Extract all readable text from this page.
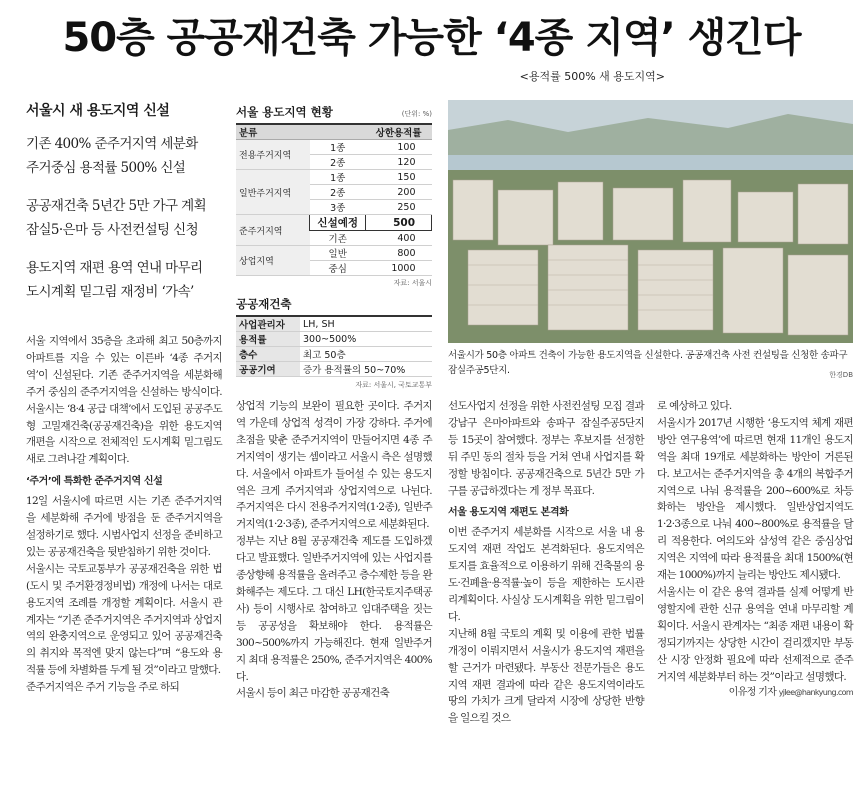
50층 공공재건축 가능한 ‘4종 지역’ 생긴다
<용적률 500% 새 용도지역>
서울시 새 용도지역 신설
기존 400% 준주거지역 세분화
주거중심 용적률 500% 신설
공공재건축 5년간 5만 가구 계획
잠실5·은마 등 사전컨설팅 신청
용도지역 재편 용역 연내 마무리
도시계획 밑그림 재정비 ‘가속’
서울 용도지역 현황	(단위: %)
분류		상한용적률
전용주거지역	1종	100
	2종	120
일반주거지역	1종	150
	2종	200
	3종	250
준주거지역	신설예정	500
	기존	400
상업지역	일반	800
	중심	1000
자료: 서울시
공공재건축
사업관리자	LH, SH
용적률	300~500%
층수	최고 50층
공공기여	증가 용적률의 50~70%
자료: 서울시, 국토교통부
서울시가 50층 아파트 건축이 가능한 용도지역을 신설한다. 공공재건축 사전 컨설팅을 신청한 송파구 잠실주공5단지.	한경DB

서울 지역에서 35층을 초과해 최고 50층까지 아파트를 지을 수 있는 이른바 ‘4종 주거지역’이 신설된다. 기존 준주거지역을 세분화해 주거 중심의 준주거지역을 신설하는 방식이다. 서울시는 ‘8·4 공급 대책’에서 도입된 공공주도형 고밀재건축(공공재건축)을 위한 용도지역 개편을 시작으로 전체적인 도시계획 밑그림도 새로 그려나갈 계획이다.

‘주거’에 특화한 준주거지역 신설

12일 서울시에 따르면 시는 기존 준주거지역을 세분화해 주거에 방점을 둔 준주거지역을 설정하기로 했다. 시범사업지 선정을 준비하고 있는 공공재건축을 뒷받침하기 위한 것이다.

서울시는 국토교통부가 공공재건축을 위한 법(도시 및 주거환경정비법) 개정에 나서는 대로 용도지역 조례를 개정할 계획이다. 서울시 관계자는 “기존 준주거지역은 주거지역과 상업지역의 완충지역으로 운영되고 있어 공공재건축의 취지와 목적엔 맞지 않는다”며 “용도와 용적률 등에 차별화를 두게 될 것”이라고 말했다.

준주거지역은 주거 기능을 주로 하되

상업적 기능의 보완이 필요한 곳이다. 주거지역 가운데 상업적 성격이 가장 강하다. 주거에 초점을 맞춘 준주거지역이 만들어지면 4종 주거지역이 생기는 셈이라고 서울시 측은 설명했다. 서울에서 아파트가 들어설 수 있는 용도지역은 크게 주거지역과 상업지역으로 나뉜다. 주거지역은 다시 전용주거지역(1·2종), 일반주거지역(1·2·3종), 준주거지역으로 세분화된다.

정부는 지난 8월 공공재건축 제도를 도입하겠다고 발표했다. 일반주거지역에 있는 사업지를 종상향해 용적률을 올려주고 층수제한 등을 완화해주는 제도다. 그 대신 LH(한국토지주택공사) 등이 시행사로 참여하고 임대주택을 짓는 등 공공성을 확보해야 한다. 용적률은 300~500%까지 가능해진다. 현재 일반주거지 최대 용적률은 250%, 준주거지역은 400%다.

서울시 등이 최근 마감한 공공재건축

선도사업지 선정을 위한 사전컨설팅 모집 결과 강남구 은마아파트와 송파구 잠실주공5단지 등 15곳이 참여했다. 정부는 후보지를 선정한 뒤 주민 동의 절차 등을 거쳐 연내 사업지를 확정할 방침이다. 공공재건축으로 5년간 5만 가구를 공급하겠다는 게 정부 목표다.

서울 용도지역 재편도 본격화

이번 준주거지 세분화를 시작으로 서울 내 용도지역 재편 작업도 본격화된다. 용도지역은 토지를 효율적으로 이용하기 위해 건축물의 용도·건폐율·용적률·높이 등을 제한하는 도시관리계획이다. 사실상 도시계획을 위한 밑그림이다.

지난해 8월 국토의 계획 및 이용에 관한 법률 개정이 이뤄지면서 서울시가 용도지역 재편을 할 근거가 마련됐다. 부동산 전문가들은 용도지역 재편 결과에 따라 같은 용도지역이라도 땅의 가치가 크게 달라져 시장에 상당한 반향을 일으킬 것으

로 예상하고 있다.

서울시가 2017년 시행한 ‘용도지역 체계 재편방안 연구용역’에 따르면 현재 11개인 용도지역을 최대 19개로 세분화하는 방안이 거론된다. 보고서는 준주거지역을 총 4개의 복합주거지역으로 나눠 용적률을 200~600%로 차등화하는 방안을 제시했다. 일반상업지역도 1·2·3종으로 나눠 400~800%로 용적률을 달리 적용한다. 여의도와 삼성역 같은 중심상업지역은 지역에 따라 용적률을 최대 1500%(현재는 1000%)까지 늘리는 방안도 제시됐다.

서울시는 이 같은 용역 결과를 실제 어떻게 반영할지에 관한 신규 용역을 연내 마무리할 계획이다. 서울시 관계자는 “최종 재편 내용이 확정되기까지는 상당한 시간이 걸리겠지만 부동산 시장 안정화 필요에 따라 선제적으로 준주거지역 세분화부터 하는 것”이라고 설명했다.

이유정 기자 yjlee@hankyung.com
